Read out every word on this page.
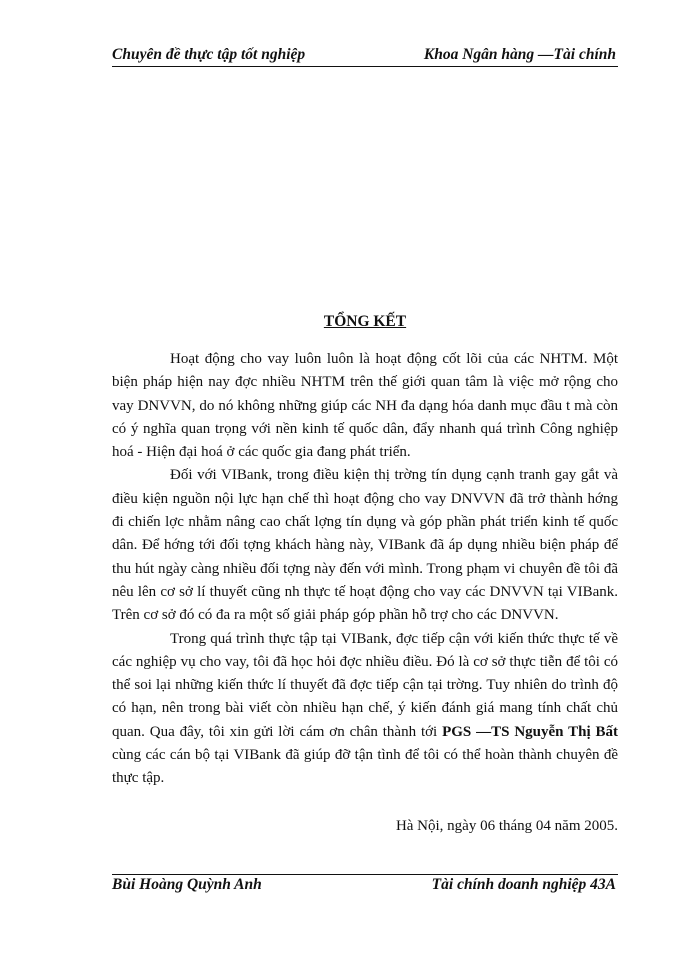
Chuyên đề thực tập tốt nghiệp	Khoa Ngân hàng —Tài chính
TỔNG KẾT

Hoạt động cho vay luôn luôn là hoạt động cốt lõi của các NHTM. Một biện pháp hiện nay đợc nhiều NHTM trên thế giới quan tâm là việc mở rộng cho vay DNVVN, do nó không những giúp các NH đa dạng hóa danh mục đầu t mà còn có ý nghĩa quan trọng với nền kinh tế quốc dân, đẩy nhanh quá trình Công nghiệp hoá - Hiện đại hoá ở các quốc gia đang phát triển.

Đối với VIBank, trong điều kiện thị trờng tín dụng cạnh tranh gay gắt và điều kiện nguồn nội lực hạn chế thì hoạt động cho vay DNVVN đã trở thành hớng đi chiến lợc nhằm nâng cao chất lợng tín dụng và góp phần phát triển kinh tế quốc dân. Để hớng tới đối tợng khách hàng này, VIBank đã áp dụng nhiều biện pháp để thu hút ngày càng nhiều đối tợng này đến với mình. Trong phạm vi chuyên đề tôi đã nêu lên cơ sở lí thuyết cũng nh thực tế hoạt động cho vay các DNVVN tại VIBank. Trên cơ sở đó có đa ra một số giải pháp góp phần hỗ trợ cho các DNVVN.

Trong quá trình thực tập tại VIBank, đợc tiếp cận với kiến thức thực tế về các nghiệp vụ cho vay, tôi đã học hỏi đợc nhiều điều. Đó là cơ sở thực tiễn để tôi có thể soi lại những kiến thức lí thuyết đã đợc tiếp cận tại trờng. Tuy nhiên do trình độ có hạn, nên trong bài viết còn nhiều hạn chế, ý kiến đánh giá mang tính chất chủ quan. Qua đây, tôi xin gửi lời cám ơn chân thành tới PGS —TS Nguyễn Thị Bất cùng các cán bộ tại VIBank đã giúp đỡ tận tình để tôi có thể hoàn thành chuyên đề thực tập.

Hà Nội, ngày 06 tháng 04 năm 2005.
Bùi Hoàng Quỳnh Anh	Tài chính doanh nghiệp 43A
